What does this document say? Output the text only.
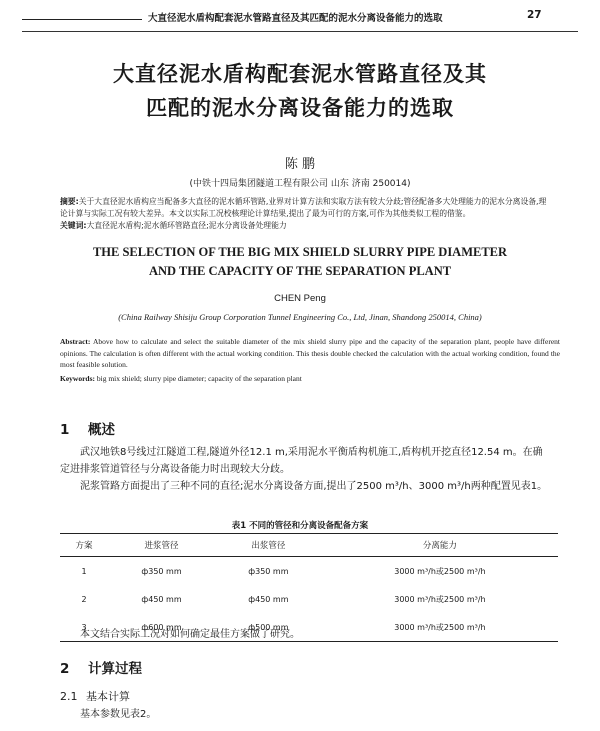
大直径泥水盾构配套泥水管路直径及其匹配的泥水分离设备能力的选取	27
大直径泥水盾构配套泥水管路直径及其
匹配的泥水分离设备能力的选取
陈 鹏
(中铁十四局集团隧道工程有限公司 山东 济南 250014)
摘要:关于大直径泥水盾构应当配备多大直径的泥水循环管路,业界对计算方法和实取方法有较大分歧;管径配备多大处理能力的泥水分离设备,理论计算与实际工况有较大差异。本文以实际工况校核理论计算结果,提出了最为可行的方案,可作为其他类似工程的借鉴。
关键词:大直径泥水盾构;泥水循环管路直径;泥水分离设备处理能力
THE SELECTION OF THE BIG MIX SHIELD SLURRY PIPE DIAMETER
AND THE CAPACITY OF THE SEPARATION PLANT
CHEN Peng
(China Railway Shisiju Group Corporation Tunnel Engineering Co., Ltd, Jinan, Shandong 250014, China)
Abstract: Above how to calculate and select the suitable diameter of the mix shield slurry pipe and the capacity of the separation plant, people have different opinions. The calculation is often different with the actual working condition. This thesis double checked the calculation with the actual working condition, found the most feasible solution.
Keywords: big mix shield; slurry pipe diameter; capacity of the separation plant
1 概述
武汉地铁8号线过江隧道工程,隧道外径12.1 m,采用泥水平衡盾构机施工,盾构机开挖直径12.54 m。在确定进排浆管道管径与分离设备能力时出现较大分歧。
泥浆管路方面提出了三种不同的直径;泥水分离设备方面,提出了2500 m³/h、3000 m³/h两种配置见表1。
表1 不同的管径和分离设备配备方案
方案	进浆管径	出浆管径	分离能力
1	ф350 mm	ф350 mm	3000 m³/h或2500 m³/h
2	ф450 mm	ф450 mm	3000 m³/h或2500 m³/h
3	ф600 mm	ф500 mm	3000 m³/h或2500 m³/h
本文结合实际工况对如何确定最佳方案做了研究。
2 计算过程
2.1 基本计算
基本参数见表2。
